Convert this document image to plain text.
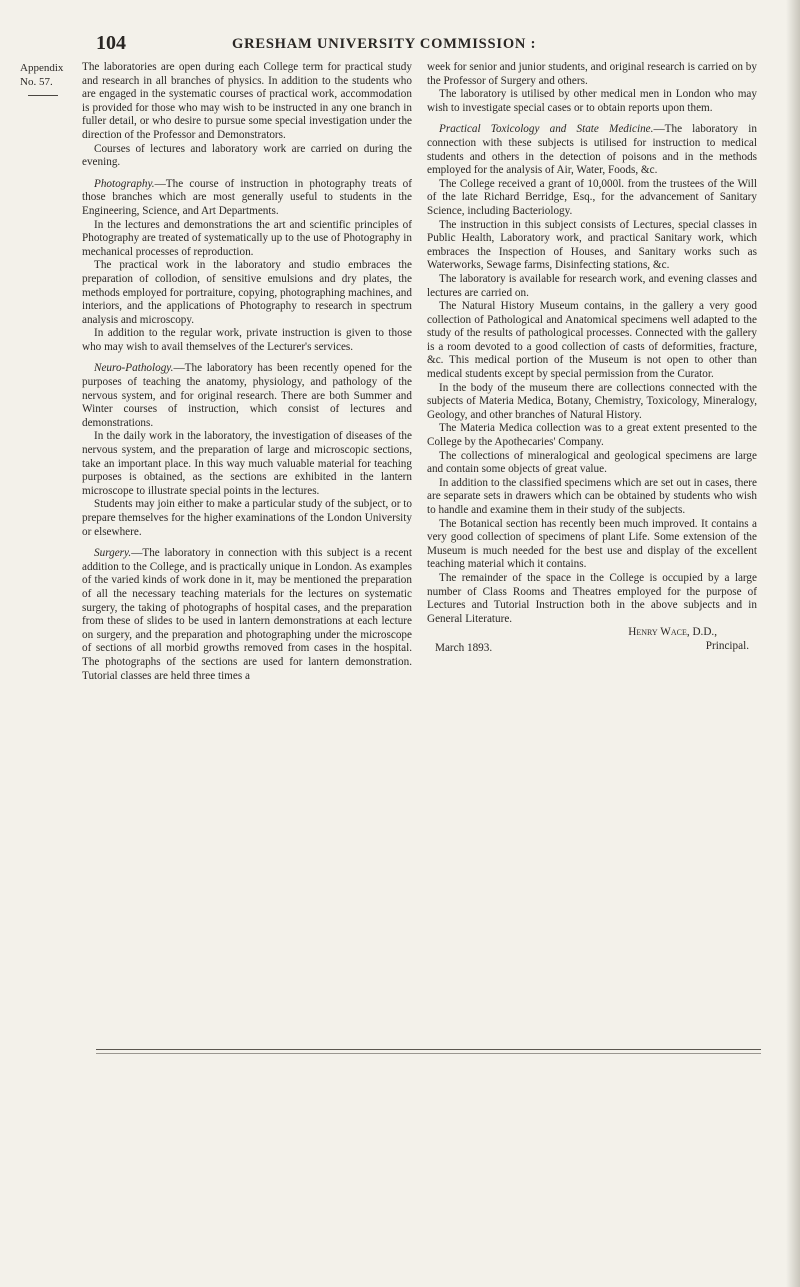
104	GRESHAM UNIVERSITY COMMISSION :
Appendix
No. 57.

The laboratories are open during each College term for practical study and research in all branches of physics. In addition to the students who are engaged in the systematic courses of practical work, accommodation is provided for those who may wish to be instructed in any one branch in fuller detail, or who desire to pursue some special investigation under the direction of the Professor and Demonstrators.

Courses of lectures and laboratory work are carried on during the evening.

Photography.—The course of instruction in photography treats of those branches which are most generally useful to students in the Engineering, Science, and Art Departments.

In the lectures and demonstrations the art and scientific principles of Photography are treated of systematically up to the use of Photography in mechanical processes of reproduction.

The practical work in the laboratory and studio embraces the preparation of collodion, of sensitive emulsions and dry plates, the methods employed for portraiture, copying, photographing machines, and interiors, and the applications of Photography to research in spectrum analysis and microscopy.

In addition to the regular work, private instruction is given to those who may wish to avail themselves of the Lecturer's services.

Neuro-Pathology.—The laboratory has been recently opened for the purposes of teaching the anatomy, physiology, and pathology of the nervous system, and for original research. There are both Summer and Winter courses of instruction, which consist of lectures and demonstrations.

In the daily work in the laboratory, the investigation of diseases of the nervous system, and the preparation of large and microscopic sections, take an important place. In this way much valuable material for teaching purposes is obtained, as the sections are exhibited in the lantern microscope to illustrate special points in the lectures.

Students may join either to make a particular study of the subject, or to prepare themselves for the higher examinations of the London University or elsewhere.

Surgery.—The laboratory in connection with this subject is a recent addition to the College, and is practically unique in London. As examples of the varied kinds of work done in it, may be mentioned the preparation of all the necessary teaching materials for the lectures on systematic surgery, the taking of photographs of hospital cases, and the preparation from these of slides to be used in lantern demonstrations at each lecture on surgery, and the preparation and photographing under the microscope of sections of all morbid growths removed from cases in the hospital. The photographs of the sections are used for lantern demonstration. Tutorial classes are held three times a

week for senior and junior students, and original research is carried on by the Professor of Surgery and others.

The laboratory is utilised by other medical men in London who may wish to investigate special cases or to obtain reports upon them.

Practical Toxicology and State Medicine.—The laboratory in connection with these subjects is utilised for instruction to medical students and others in the detection of poisons and in the methods employed for the analysis of Air, Water, Foods, &c.

The College received a grant of 10,000l. from the trustees of the Will of the late Richard Berridge, Esq., for the advancement of Sanitary Science, including Bacteriology.

The instruction in this subject consists of Lectures, special classes in Public Health, Laboratory work, and practical Sanitary work, which embraces the Inspection of Houses, and Sanitary works such as Waterworks, Sewage farms, Disinfecting stations, &c.

The laboratory is available for research work, and evening classes and lectures are carried on.

The Natural History Museum contains, in the gallery a very good collection of Pathological and Anatomical specimens well adapted to the study of the results of pathological processes. Connected with the gallery is a room devoted to a good collection of casts of deformities, fracture, &c. This medical portion of the Museum is not open to other than medical students except by special permission from the Curator.

In the body of the museum there are collections connected with the subjects of Materia Medica, Botany, Chemistry, Toxicology, Mineralogy, Geology, and other branches of Natural History.

The Materia Medica collection was to a great extent presented to the College by the Apothecaries' Company.

The collections of mineralogical and geological specimens are large and contain some objects of great value.

In addition to the classified specimens which are set out in cases, there are separate sets in drawers which can be obtained by students who wish to handle and examine them in their study of the subjects.

The Botanical section has recently been much improved. It contains a very good collection of specimens of plant Life. Some extension of the Museum is much needed for the best use and display of the excellent teaching material which it contains.

The remainder of the space in the College is occupied by a large number of Class Rooms and Theatres employed for the purpose of Lectures and Tutorial Instruction both in the above subjects and in General Literature.

Henry Wace, D.D.,
Principal.
March 1893.
